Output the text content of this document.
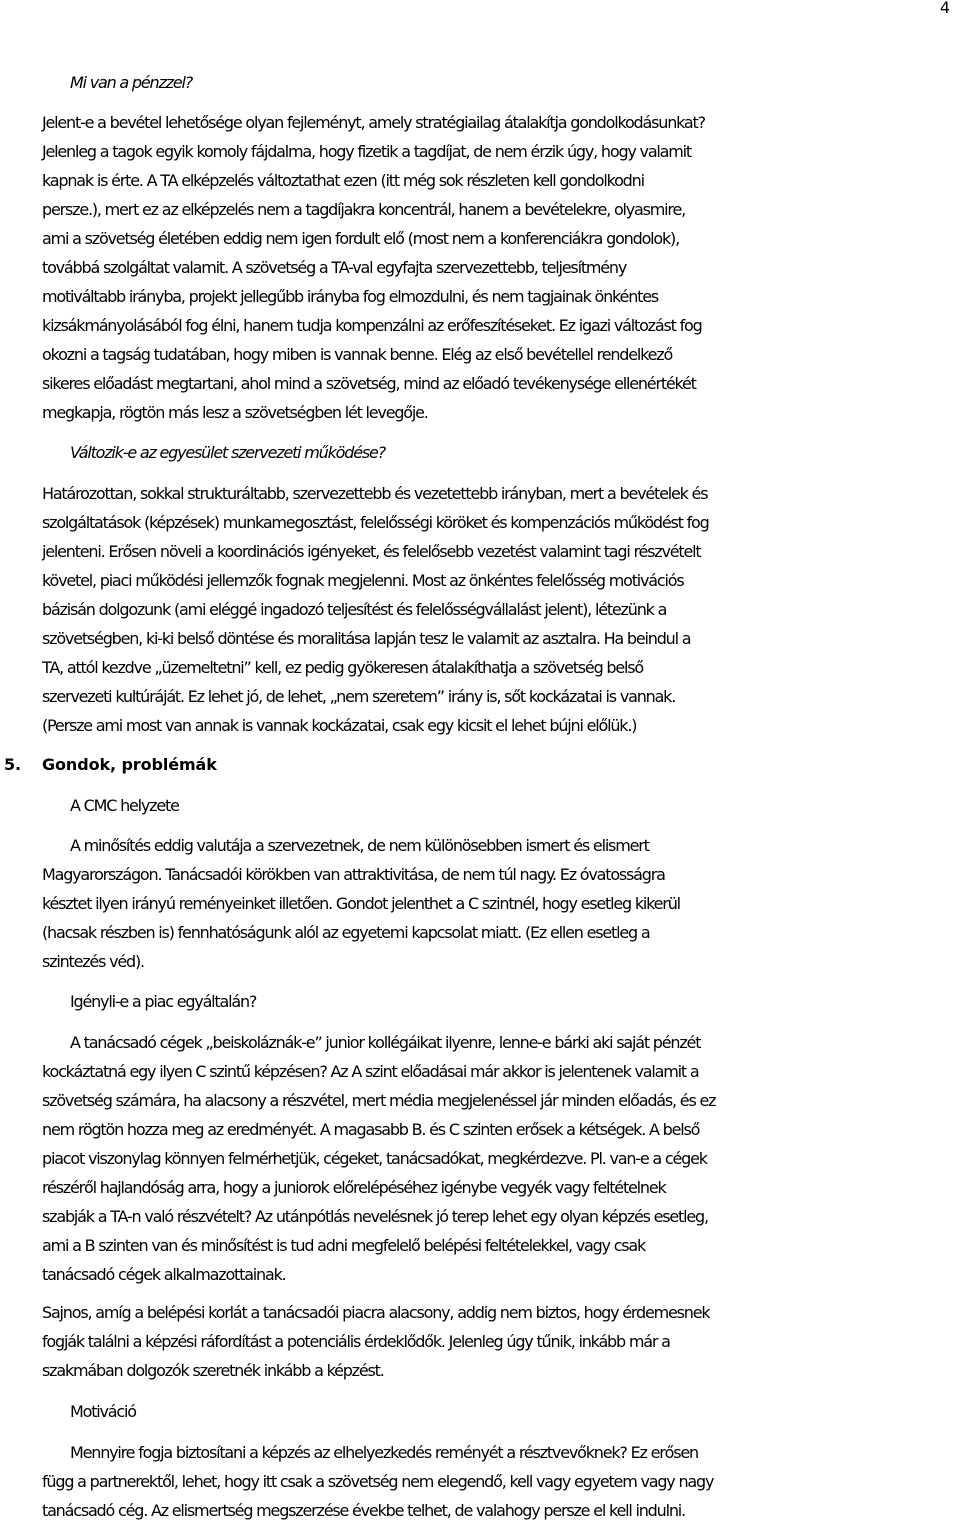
4
Mi van a pénzzel?
Jelent-e a bevétel lehetősége olyan fejleményt, amely stratégiailag átalakítja gondolkodásunkat?
Jelenleg a tagok egyik komoly fájdalma, hogy fizetik a tagdíjat, de nem érzik úgy, hogy valamit
kapnak is érte. A TA elképzelés változtathat ezen (itt még sok részleten kell gondolkodni
persze.), mert ez az elképzelés nem a tagdíjakra koncentrál, hanem a bevételekre, olyasmire,
ami a szövetség életében eddig nem igen fordult elő (most nem a konferenciákra gondolok),
továbbá szolgáltat valamit. A szövetség a TA-val egyfajta szervezettebb, teljesítmény
motiváltabb irányba, projekt jellegűbb irányba fog elmozdulni, és nem tagjainak önkéntes
kizsákmányolásából fog élni, hanem tudja kompenzálni az erőfeszítéseket. Ez igazi változást fog
okozni a tagság tudatában, hogy miben is vannak benne. Elég az első bevétellel rendelkező
sikeres előadást megtartani, ahol mind a szövetség, mind az előadó tevékenysége ellenértékét
megkapja, rögtön más lesz a szövetségben lét levegője.
Változik-e az egyesület szervezeti működése?
Határozottan, sokkal strukturáltabb, szervezettebb és vezetettebb irányban, mert a bevételek és
szolgáltatások (képzések) munkamegosztást, felelősségi köröket és kompenzációs működést fog
jelenteni. Erősen növeli a koordinációs igényeket, és felelősebb vezetést valamint tagi részvételt
követel, piaci működési jellemzők fognak megjelenni. Most az önkéntes felelősség motivációs
bázisán dolgozunk (ami eléggé ingadozó teljesítést és felelősségvállalást jelent), létezünk a
szövetségben, ki-ki belső döntése és moralitása lapján tesz le valamit az asztalra. Ha beindul a
TA, attól kezdve „üzemeltetni” kell, ez pedig gyökeresen átalakíthatja a szövetség belső
szervezeti kultúráját. Ez lehet jó, de lehet, „nem szeretem” irány is, sőt kockázatai is vannak.
(Persze ami most van annak is vannak kockázatai, csak egy kicsit el lehet bújni előlük.)
5. Gondok, problémák
A CMC helyzete
A minősítés eddig valutája a szervezetnek, de nem különösebben ismert és elismert
Magyarországon. Tanácsadói körökben van attraktivitása, de nem túl nagy. Ez óvatosságra
késztet ilyen irányú reményeinket illetően. Gondot jelenthet a C szintnél, hogy esetleg kikerül
(hacsak részben is) fennhatóságunk alól az egyetemi kapcsolat miatt. (Ez ellen esetleg a
szintezés véd).
Igényli-e a piac egyáltalán?
A tanácsadó cégek „beiskoláznák-e” junior kollégáikat ilyenre, lenne-e bárki aki saját pénzét
kockáztatná egy ilyen C szintű képzésen? Az A szint előadásai már akkor is jelentenek valamit a
szövetség számára, ha alacsony a részvétel, mert média megjelenéssel jár minden előadás, és ez
nem rögtön hozza meg az eredményét. A magasabb B. és C szinten erősek a kétségek. A belső
piacot viszonylag könnyen felmérhetjük, cégeket, tanácsadókat, megkérdezve. Pl. van-e a cégek
részéről hajlandóság arra, hogy a juniorok előrelépéséhez igénybe vegyék vagy feltételnek
szabják a TA-n való részvételt? Az utánpótlás nevelésnek jó terep lehet egy olyan képzés esetleg,
ami a B szinten van és minősítést is tud adni megfelelő belépési feltételekkel, vagy csak
tanácsadó cégek alkalmazottainak.
Sajnos, amíg a belépési korlát a tanácsadói piacra alacsony, addig nem biztos, hogy érdemesnek
fogják találni a képzési ráfordítást a potenciális érdeklődők. Jelenleg úgy tűnik, inkább már a
szakmában dolgozók szeretnék inkább a képzést.
Motiváció
Mennyire fogja biztosítani a képzés az elhelyezkedés reményét a résztvevőknek? Ez erősen
függ a partnerektől, lehet, hogy itt csak a szövetség nem elegendő, kell vagy egyetem vagy nagy
tanácsadó cég. Az elismertség megszerzése évekbe telhet, de valahogy persze el kell indulni.
